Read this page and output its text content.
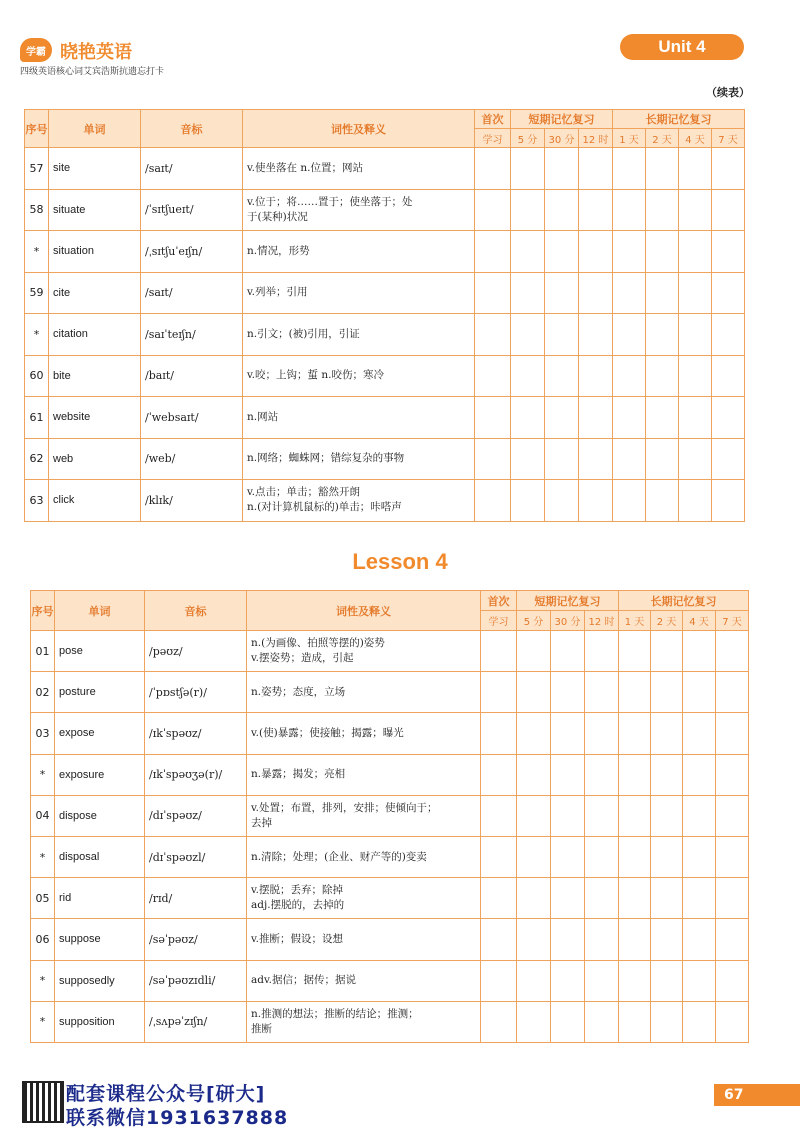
学霸 晓艳英语
四级英语核心词艾宾浩斯抗遗忘打卡
Unit 4
（续表）
序号	单词	音标	词性及释义	首次	短期记忆复习			长期记忆复习			
				学习	5 分	30 分	12 时	1 天	2 天	4 天	7 天
57	site	/saɪt/	v.使坐落在 n.位置；网站								

58	situate	/ˈsɪtʃueɪt/	v.位于；将……置于；使坐落于；处
于(某种)状况								

*	situation	/ˌsɪtʃuˈeɪʃn/	n.情况，形势								

59	cite	/saɪt/	v.列举；引用								

*	citation	/saɪˈteɪʃn/	n.引文；(被)引用，引证								

60	bite	/baɪt/	v.咬；上钩；蜇 n.咬伤；寒冷								

61	website	/ˈwebsaɪt/	n.网站								

62	web	/web/	n.网络；蜘蛛网；错综复杂的事物								

63	click	/klɪk/	v.点击；单击；豁然开朗
n.(对计算机鼠标的)单击；咔嗒声								

Lesson 4
序号	单词	音标	词性及释义	首次	短期记忆复习			长期记忆复习			
				学习	5 分	30 分	12 时	1 天	2 天	4 天	7 天
01	pose	/pəʊz/	n.(为画像、拍照等摆的)姿势
v.摆姿势；造成，引起								

02	posture	/ˈpɒstʃə(r)/	n.姿势；态度，立场								

03	expose	/ɪkˈspəʊz/	v.(使)暴露；使接触；揭露；曝光								

*	exposure	/ɪkˈspəʊʒə(r)/	n.暴露；揭发；亮相								

04	dispose	/dɪˈspəʊz/	v.处置；布置，排列，安排；使倾向于；
去掉								

*	disposal	/dɪˈspəʊzl/	n.清除；处理；(企业、财产等的)变卖								

05	rid	/rɪd/	v.摆脱；丢弃；除掉
adj.摆脱的，去掉的								

06	suppose	/səˈpəʊz/	v.推断；假设；设想								

*	supposedly	/səˈpəʊzɪdli/	adv.据信；据传；据说								

*	supposition	/ˌsʌpəˈzɪʃn/	n.推测的想法；推断的结论；推测；
推断								

配套课程公众号[研大]
联系微信1931637888
67
